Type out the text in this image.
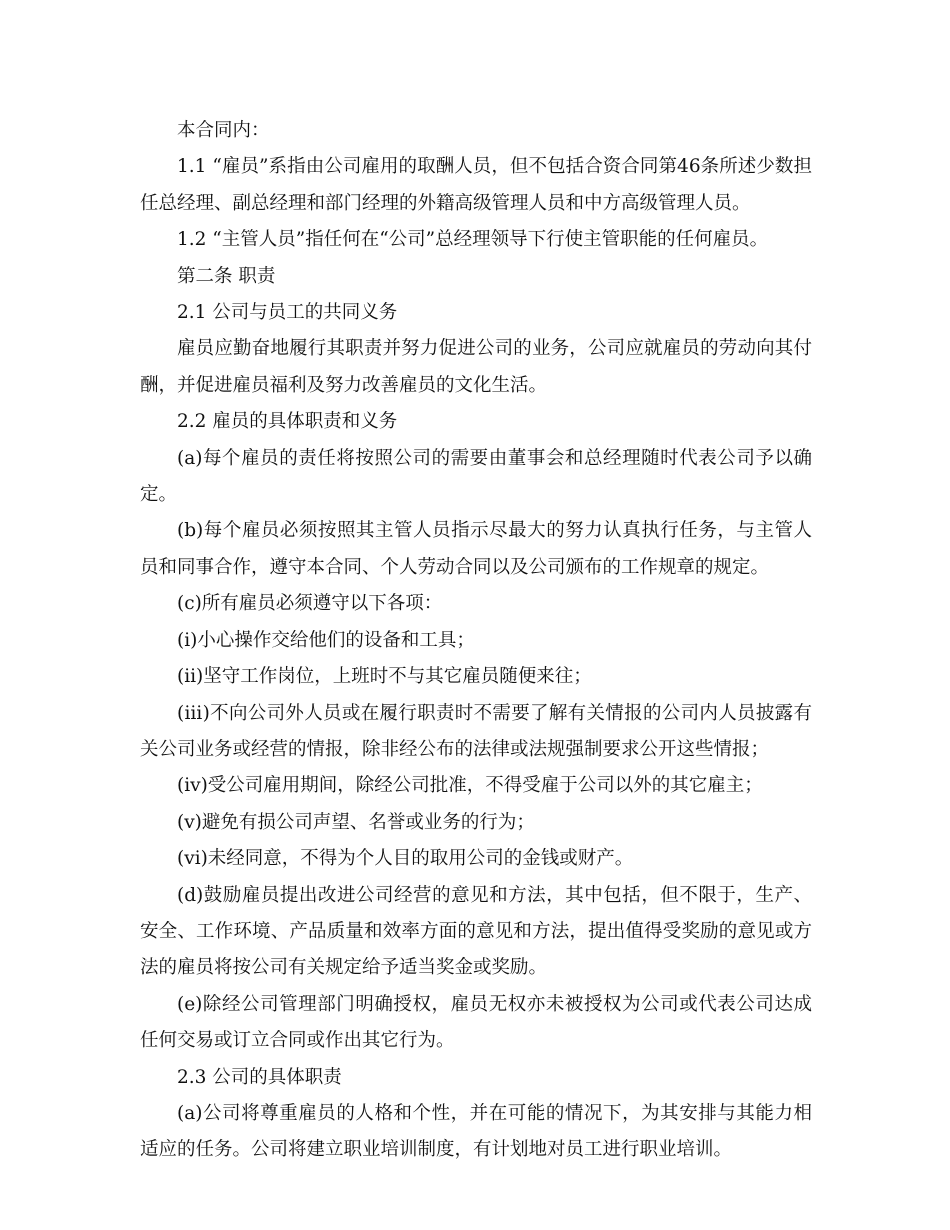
本合同内：

1.1 “雇员”系指由公司雇用的取酬人员，但不包括合资合同第46条所述少数担任总经理、副总经理和部门经理的外籍高级管理人员和中方高级管理人员。

1.2 “主管人员”指任何在“公司”总经理领导下行使主管职能的任何雇员。

第二条 职责

2.1 公司与员工的共同义务

雇员应勤奋地履行其职责并努力促进公司的业务，公司应就雇员的劳动向其付酬，并促进雇员福利及努力改善雇员的文化生活。

2.2 雇员的具体职责和义务

(a)每个雇员的责任将按照公司的需要由董事会和总经理随时代表公司予以确定。

(b)每个雇员必须按照其主管人员指示尽最大的努力认真执行任务，与主管人员和同事合作，遵守本合同、个人劳动合同以及公司颁布的工作规章的规定。

(c)所有雇员必须遵守以下各项：

(ⅰ)小心操作交给他们的设备和工具；

(ⅱ)坚守工作岗位，上班时不与其它雇员随便来往；

(ⅲ)不向公司外人员或在履行职责时不需要了解有关情报的公司内人员披露有关公司业务或经营的情报，除非经公布的法律或法规强制要求公开这些情报；

(ⅳ)受公司雇用期间，除经公司批准，不得受雇于公司以外的其它雇主；

(ⅴ)避免有损公司声望、名誉或业务的行为；

(ⅵ)未经同意，不得为个人目的取用公司的金钱或财产。

(d)鼓励雇员提出改进公司经营的意见和方法，其中包括，但不限于，生产、安全、工作环境、产品质量和效率方面的意见和方法，提出值得受奖励的意见或方法的雇员将按公司有关规定给予适当奖金或奖励。

(e)除经公司管理部门明确授权，雇员无权亦未被授权为公司或代表公司达成任何交易或订立合同或作出其它行为。

2.3 公司的具体职责

(a)公司将尊重雇员的人格和个性，并在可能的情况下，为其安排与其能力相适应的任务。公司将建立职业培训制度，有计划地对员工进行职业培训。
